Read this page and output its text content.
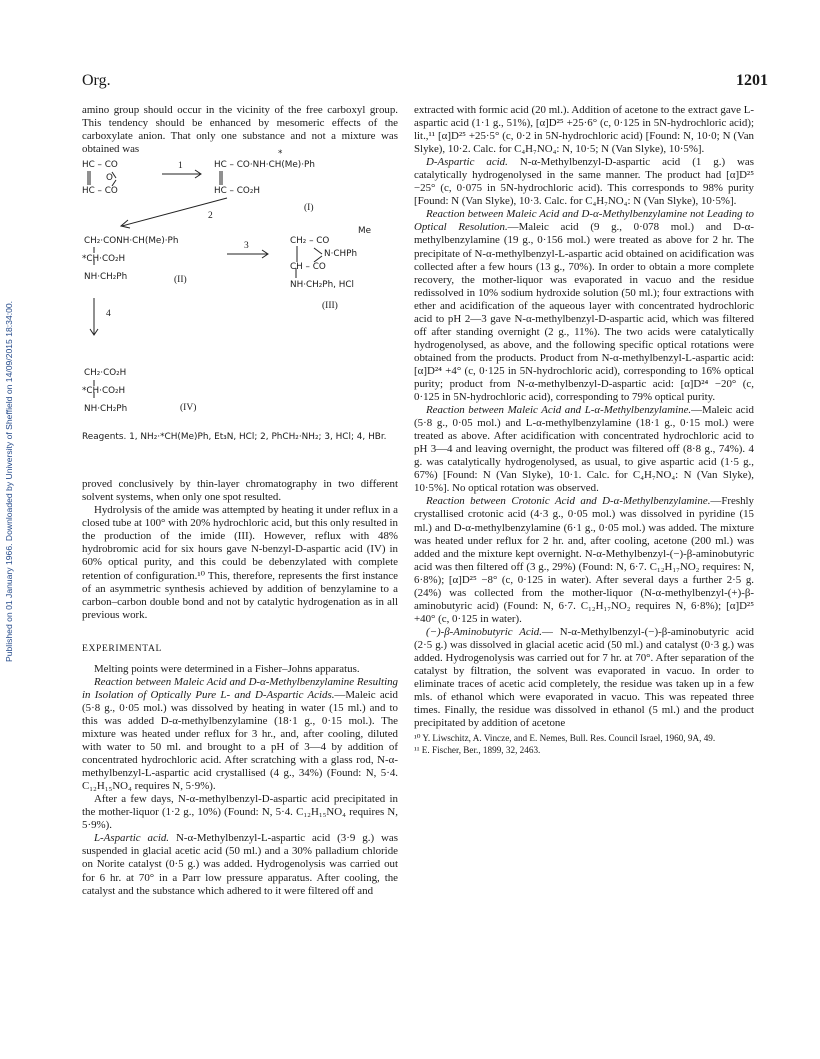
Published on 01 January 1966. Downloaded by University of Sheffield on 14/09/2015 18:34:00.
Org.	1201

amino group should occur in the vicinity of the free carboxyl group. This tendency should be enhanced by mesomeric effects of the carboxylate anion. That only one substance and not a mixture was obtained was

HC – CO
O
HC – CO
1
*
HC – CO·NH·CH(Me)·Ph
HC – CO₂H
(I)
2
CH₂·CONH·CH(Me)·Ph
*CH·CO₂H
NH·CH₂Ph	(II)
3
Me
CH₂ – CO
N·CHPh
CH – CO
NH·CH₂Ph, HCl
(III)
4
CH₂·CO₂H
*CH·CO₂H
NH·CH₂Ph	(IV)
Reagents. 1, NH₂·*CH(Me)Ph, Et₃N, HCl; 2, PhCH₂·NH₂; 3, HCl; 4, HBr.

proved conclusively by thin-layer chromatography in two different solvent systems, when only one spot resulted.

Hydrolysis of the amide was attempted by heating it under reflux in a closed tube at 100° with 20% hydrochloric acid, but this only resulted in the production of the imide (III). However, reflux with 48% hydrobromic acid for six hours gave N-benzyl-D-aspartic acid (IV) in 60% optical purity, and this could be debenzylated with complete retention of configuration.¹⁰ This, therefore, represents the first instance of an asymmetric synthesis achieved by addition of benzylamine to a carbon–carbon double bond and not by catalytic hydrogenation as in all previous work.

EXPERIMENTAL

Melting points were determined in a Fisher–Johns apparatus.

Reaction between Maleic Acid and D-α-Methylbenzylamine Resulting in Isolation of Optically Pure L- and D-Aspartic Acids.—Maleic acid (5·8 g., 0·05 mol.) was dissolved by heating in water (15 ml.) and to this was added D-α-methylbenzylamine (18·1 g., 0·15 mol.). The mixture was heated under reflux for 3 hr., and, after cooling, diluted with water to 50 ml. and brought to a pH of 3—4 by addition of concentrated hydrochloric acid. After scratching with a glass rod, N-α-methylbenzyl-L-aspartic acid crystallised (4 g., 34%) (Found: N, 5·4. C₁₂H₁₅NO₄ requires N, 5·9%).

After a few days, N-α-methylbenzyl-D-aspartic acid precipitated in the mother-liquor (1·2 g., 10%) (Found: N, 5·4. C₁₂H₁₅NO₄ requires N, 5·9%).

L-Aspartic acid. N-α-Methylbenzyl-L-aspartic acid (3·9 g.) was suspended in glacial acetic acid (50 ml.) and a 30% palladium chloride on Norite catalyst (0·5 g.) was added. Hydrogenolysis was carried out for 6 hr. at 70° in a Parr low pressure apparatus. After cooling, the catalyst and the substance which adhered to it were filtered off and

extracted with formic acid (20 ml.). Addition of acetone to the extract gave L-aspartic acid (1·1 g., 51%), [α]D²⁵ +25·6° (c, 0·125 in 5N-hydrochloric acid); lit.,¹¹ [α]D²⁵ +25·5° (c, 0·2 in 5N-hydrochloric acid) [Found: N, 10·0; N (Van Slyke), 10·2. Calc. for C₄H₇NO₄: N, 10·5; N (Van Slyke), 10·5%].

D-Aspartic acid. N-α-Methylbenzyl-D-aspartic acid (1 g.) was catalytically hydrogenolysed in the same manner. The product had [α]D²⁵ −25° (c, 0·075 in 5N-hydrochloric acid). This corresponds to 98% purity [Found: N (Van Slyke), 10·3. Calc. for C₄H₇NO₄: N (Van Slyke), 10·5%].

Reaction between Maleic Acid and D-α-Methylbenzylamine not Leading to Optical Resolution.—Maleic acid (9 g., 0·078 mol.) and D-α-methylbenzylamine (19 g., 0·156 mol.) were treated as above for 2 hr. The precipitate of N-α-methylbenzyl-L-aspartic acid obtained on acidification was collected after a few hours (13 g., 70%). In order to obtain a more complete recovery, the mother-liquor was evaporated in vacuo and the residue redissolved in 10% sodium hydroxide solution (50 ml.); four extractions with ether and acidification of the aqueous layer with concentrated hydrochloric acid to pH 2—3 gave N-α-methylbenzyl-D-aspartic acid, which was filtered off after standing overnight (2 g., 11%). The two acids were catalytically hydrogenolysed, as above, and the following specific optical rotations were obtained from the products. Product from N-α-methylbenzyl-L-aspartic acid: [α]D²⁴ +4° (c, 0·125 in 5N-hydrochloric acid), corresponding to 16% optical purity; product from N-α-methylbenzyl-D-aspartic acid: [α]D²⁴ −20° (c, 0·125 in 5N-hydrochloric acid), corresponding to 79% optical purity.

Reaction between Maleic Acid and L-α-Methylbenzylamine.—Maleic acid (5·8 g., 0·05 mol.) and L-α-methylbenzylamine (18·1 g., 0·15 mol.) were treated as above. After acidification with concentrated hydrochloric acid to pH 3—4 and leaving overnight, the product was filtered off (8·8 g., 74%). 4 g. was catalytically hydrogenolysed, as usual, to give aspartic acid (1·5 g., 67%) [Found: N (Van Slyke), 10·1. Calc. for C₄H₇NO₄: N (Van Slyke), 10·5%]. No optical rotation was observed.

Reaction between Crotonic Acid and D-α-Methylbenzylamine.—Freshly crystallised crotonic acid (4·3 g., 0·05 mol.) was dissolved in pyridine (15 ml.) and D-α-methylbenzylamine (6·1 g., 0·05 mol.) was added. The mixture was heated under reflux for 2 hr. and, after cooling, acetone (200 ml.) was added and the mixture kept overnight. N-α-Methylbenzyl-(−)-β-aminobutyric acid was then filtered off (3 g., 29%) (Found: N, 6·7. C₁₂H₁₇NO₂ requires: N, 6·8%); [α]D²⁵ −8° (c, 0·125 in water). After several days a further 2·5 g. (24%) was collected from the mother-liquor (N-α-methylbenzyl-(+)-β-aminobutyric acid) (Found: N, 6·7. C₁₂H₁₇NO₂ requires N, 6·8%); [α]D²⁵ +40° (c, 0·125 in water).

(−)-β-Aminobutyric Acid.— N-α-Methylbenzyl-(−)-β-aminobutyric acid (2·5 g.) was dissolved in glacial acetic acid (50 ml.) and catalyst (0·3 g.) was added. Hydrogenolysis was carried out for 7 hr. at 70°. After separation of the catalyst by filtration, the solvent was evaporated in vacuo. In order to eliminate traces of acetic acid completely, the residue was taken up in a few mls. of ethanol which were evaporated in vacuo. This was repeated three times. Finally, the residue was dissolved in ethanol (5 ml.) and the product precipitated by addition of acetone

¹⁰ Y. Liwschitz, A. Vincze, and E. Nemes, Bull. Res. Council Israel, 1960, 9A, 49.
¹¹ E. Fischer, Ber., 1899, 32, 2463.
